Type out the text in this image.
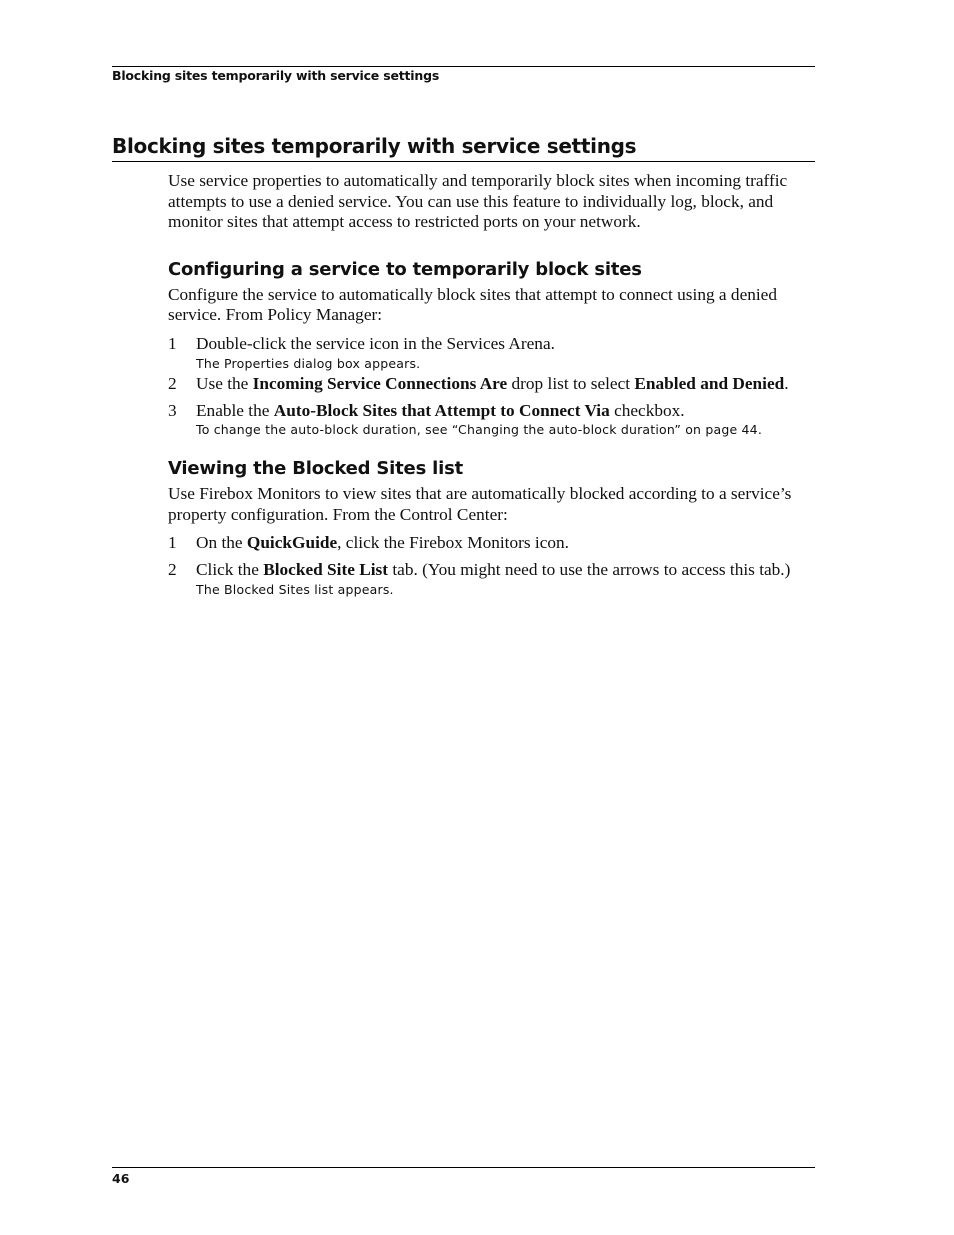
Blocking sites temporarily with service settings
Blocking sites temporarily with service settings

Use service properties to automatically and temporarily block sites when incoming traffic attempts to use a denied service. You can use this feature to individually log, block, and monitor sites that attempt access to restricted ports on your network.

Configuring a service to temporarily block sites

Configure the service to automatically block sites that attempt to connect using a denied service. From Policy Manager:

1 Double-click the service icon in the Services Arena.

The Properties dialog box appears.

2 Use the Incoming Service Connections Are drop list to select Enabled and Denied.
3 Enable the Auto-Block Sites that Attempt to Connect Via checkbox.

To change the auto-block duration, see “Changing the auto-block duration” on page 44.

Viewing the Blocked Sites list

Use Firebox Monitors to view sites that are automatically blocked according to a service’s property configuration. From the Control Center:

1 On the QuickGuide, click the Firebox Monitors icon.
2 Click the Blocked Site List tab. (You might need to use the arrows to access this tab.)

The Blocked Sites list appears.

46
